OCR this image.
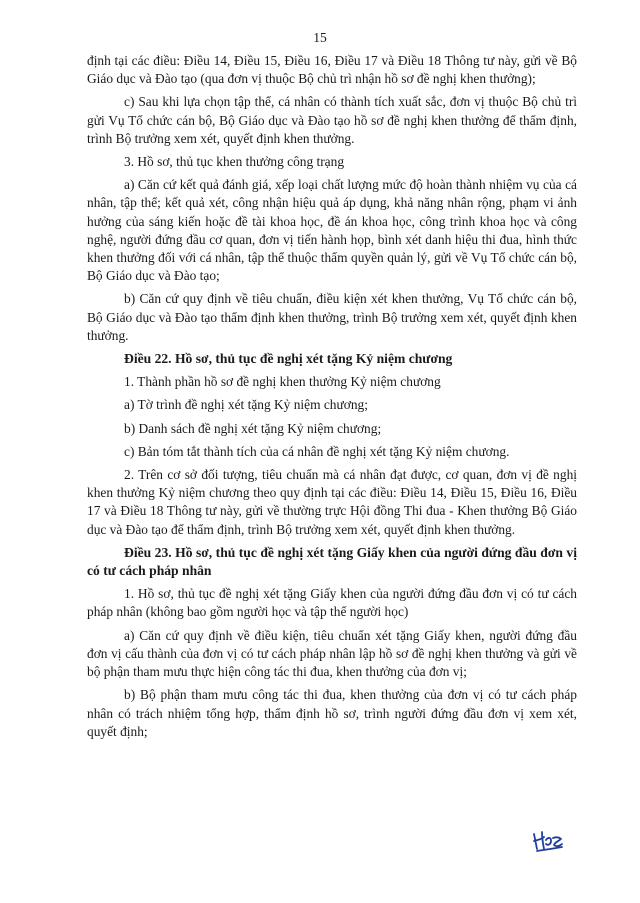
15

định tại các điều: Điều 14, Điều 15, Điều 16, Điều 17 và Điều 18 Thông tư này, gửi về Bộ Giáo dục và Đào tạo (qua đơn vị thuộc Bộ chủ trì nhận hồ sơ đề nghị khen thưởng);

c) Sau khi lựa chọn tập thể, cá nhân có thành tích xuất sắc, đơn vị thuộc Bộ chủ trì gửi Vụ Tổ chức cán bộ, Bộ Giáo dục và Đào tạo hồ sơ đề nghị khen thưởng để thẩm định, trình Bộ trưởng xem xét, quyết định khen thưởng.

3. Hồ sơ, thủ tục khen thưởng công trạng

a) Căn cứ kết quả đánh giá, xếp loại chất lượng mức độ hoàn thành nhiệm vụ của cá nhân, tập thể; kết quả xét, công nhận hiệu quả áp dụng, khả năng nhân rộng, phạm vi ảnh hưởng của sáng kiến hoặc đề tài khoa học, đề án khoa học, công trình khoa học và công nghệ, người đứng đầu cơ quan, đơn vị tiến hành họp, bình xét danh hiệu thi đua, hình thức khen thưởng đối với cá nhân, tập thể thuộc thẩm quyền quản lý, gửi về Vụ Tổ chức cán bộ, Bộ Giáo dục và Đào tạo;

b) Căn cứ quy định về tiêu chuẩn, điều kiện xét khen thưởng, Vụ Tổ chức cán bộ, Bộ Giáo dục và Đào tạo thẩm định khen thưởng, trình Bộ trưởng xem xét, quyết định khen thưởng.

Điều 22. Hồ sơ, thủ tục đề nghị xét tặng Kỷ niệm chương

1. Thành phần hồ sơ đề nghị khen thưởng Kỷ niệm chương

a) Tờ trình đề nghị xét tặng Kỷ niệm chương;

b) Danh sách đề nghị xét tặng Kỷ niệm chương;

c) Bản tóm tắt thành tích của cá nhân đề nghị xét tặng Kỷ niệm chương.

2. Trên cơ sở đối tượng, tiêu chuẩn mà cá nhân đạt được, cơ quan, đơn vị đề nghị khen thưởng Kỷ niệm chương theo quy định tại các điều: Điều 14, Điều 15, Điều 16, Điều 17 và Điều 18 Thông tư này, gửi về thường trực Hội đồng Thi đua - Khen thưởng Bộ Giáo dục và Đào tạo để thẩm định, trình Bộ trưởng xem xét, quyết định khen thưởng.

Điều 23. Hồ sơ, thủ tục đề nghị xét tặng Giấy khen của người đứng đầu đơn vị có tư cách pháp nhân

1. Hồ sơ, thủ tục đề nghị xét tặng Giấy khen của người đứng đầu đơn vị có tư cách pháp nhân (không bao gồm người học và tập thể người học)

a) Căn cứ quy định về điều kiện, tiêu chuẩn xét tặng Giấy khen, người đứng đầu đơn vị cấu thành của đơn vị có tư cách pháp nhân lập hồ sơ đề nghị khen thưởng và gửi về bộ phận tham mưu thực hiện công tác thi đua, khen thưởng của đơn vị;

b) Bộ phận tham mưu công tác thi đua, khen thưởng của đơn vị có tư cách pháp nhân có trách nhiệm tổng hợp, thẩm định hồ sơ, trình người đứng đầu đơn vị xem xét, quyết định;
